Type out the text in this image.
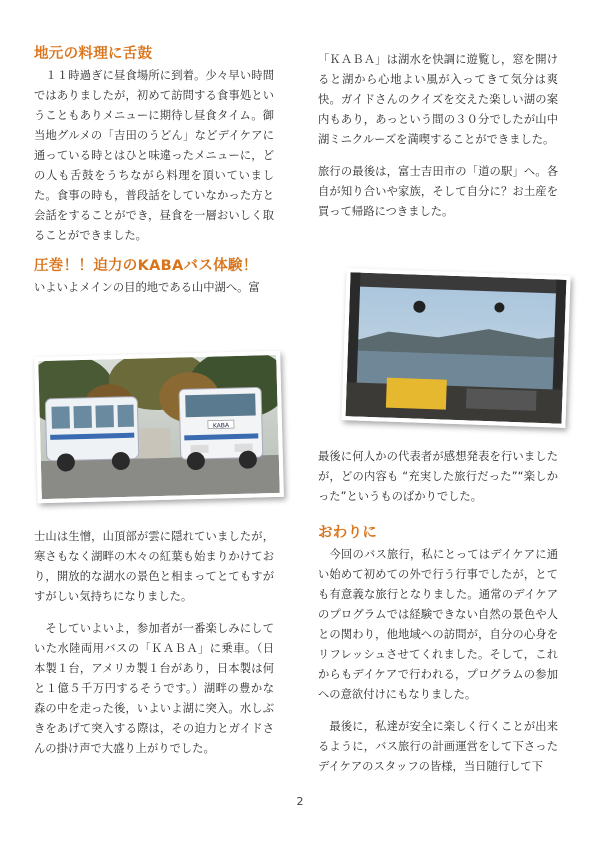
地元の料理に舌鼓

　１１時過ぎに昼食場所に到着。少々早い時間ではありましたが，初めて訪問する食事処ということもありメニューに期待し昼食タイム。御当地グルメの「吉田のうどん」などデイケアに通っている時とはひと味違ったメニューに，どの人も舌鼓をうちながら料理を頂いていました。食事の時も，普段話をしていなかった方と会話をすることができ，昼食を一層おいしく取ることができました。

圧巻！！迫力のKABAバス体験！

いよいよメインの目的地である山中湖へ。富

KABA

士山は生憎，山頂部が雲に隠れていましたが，寒さもなく湖畔の木々の紅葉も始まりかけており，開放的な湖水の景色と相まってとてもすがすがしい気持ちになりました。

　そしていよいよ，参加者が一番楽しみにしていた水陸両用バスの「ＫＡＢＡ」に乗車。（日本製１台，アメリカ製１台があり，日本製は何と１億５千万円するそうです。）湖畔の豊かな森の中を走った後，いよいよ湖に突入。水しぶきをあげて突入する際は，その迫力とガイドさんの掛け声で大盛り上がりでした。

「ＫＡＢＡ」は湖水を快調に遊覧し，窓を開けると湖から心地よい風が入ってきて気分は爽快。ガイドさんのクイズを交えた楽しい湖の案内もあり，あっという間の３０分でしたが山中湖ミニクルーズを満喫することができました。

旅行の最後は，富士吉田市の「道の駅」へ。各自が知り合いや家族，そして自分に？お土産を買って帰路につきました。

最後に何人かの代表者が感想発表を行いましたが，どの内容も “充実した旅行だった”“楽しかった”というものばかりでした。

おわりに

　今回のバス旅行，私にとってはデイケアに通い始めて初めての外で行う行事でしたが，とても有意義な旅行となりました。通常のデイケアのプログラムでは経験できない自然の景色や人との関わり，他地域への訪問が，自分の心身をリフレッシュさせてくれました。そして，これからもデイケアで行われる，プログラムの参加への意欲付けにもなりました。

　最後に，私達が安全に楽しく行くことが出来るように，バス旅行の計画運営をして下さったデイケアのスタッフの皆様，当日随行して下

2
